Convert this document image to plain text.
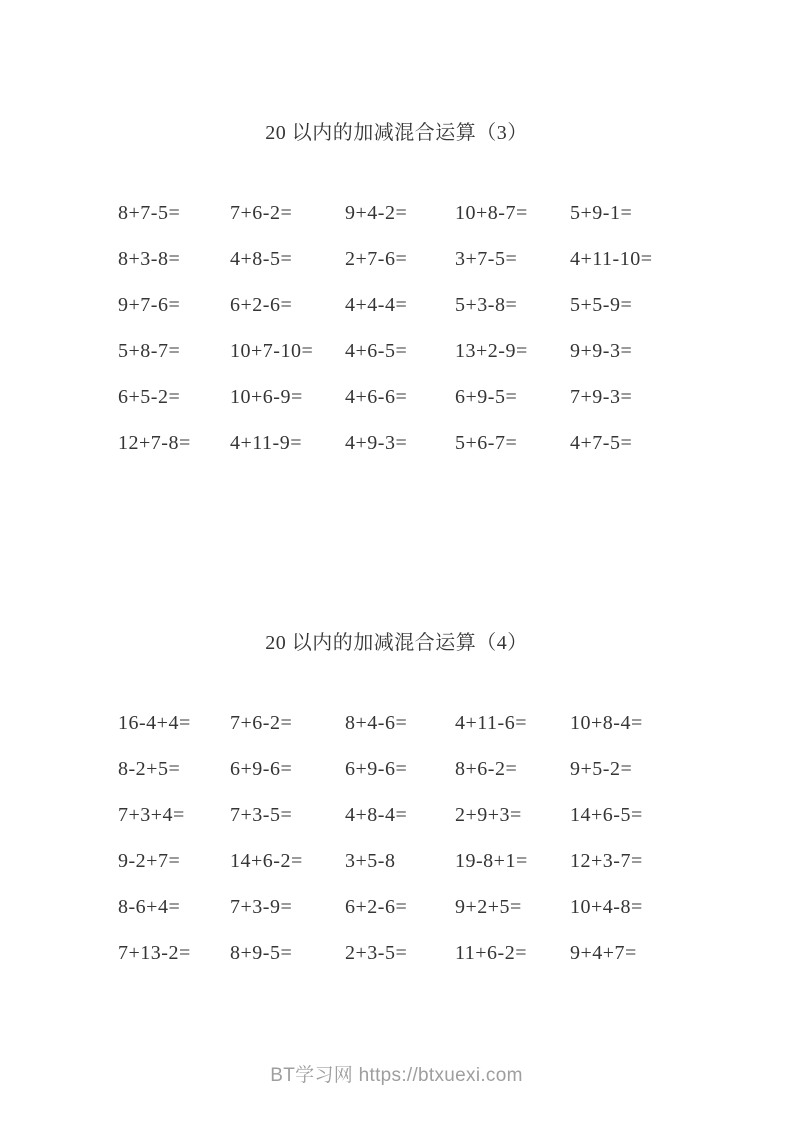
20 以内的加减混合运算（3）
8+7-5= 7+6-2=	9+4-2= 10+8-7= 5+9-1=
8+3-8= 4+8-5=	2+7-6= 3+7-5=	4+11-10=
9+7-6= 6+2-6=	4+4-4= 5+3-8=	5+5-9=
5+8-7= 10+7-10= 4+6-5= 13+2-9= 9+9-3=
6+5-2= 10+6-9= 4+6-6= 6+9-5=	7+9-3=
12+7-8= 4+11-9= 4+9-3= 5+6-7=	4+7-5=
20 以内的加减混合运算（4）
16-4+4= 7+6-2=	8+4-6= 4+11-6= 10+8-4=
8-2+5= 6+9-6=	6+9-6= 8+6-2=	9+5-2=
7+3+4= 7+3-5=	4+8-4= 2+9+3= 14+6-5=
9-2+7= 14+6-2= 3+5-8	19-8+1= 12+3-7=
8-6+4= 7+3-9=	6+2-6= 9+2+5= 10+4-8=
7+13-2= 8+9-5=	2+3-5= 11+6-2= 9+4+7=
BT学习网 https://btxuexi.com
